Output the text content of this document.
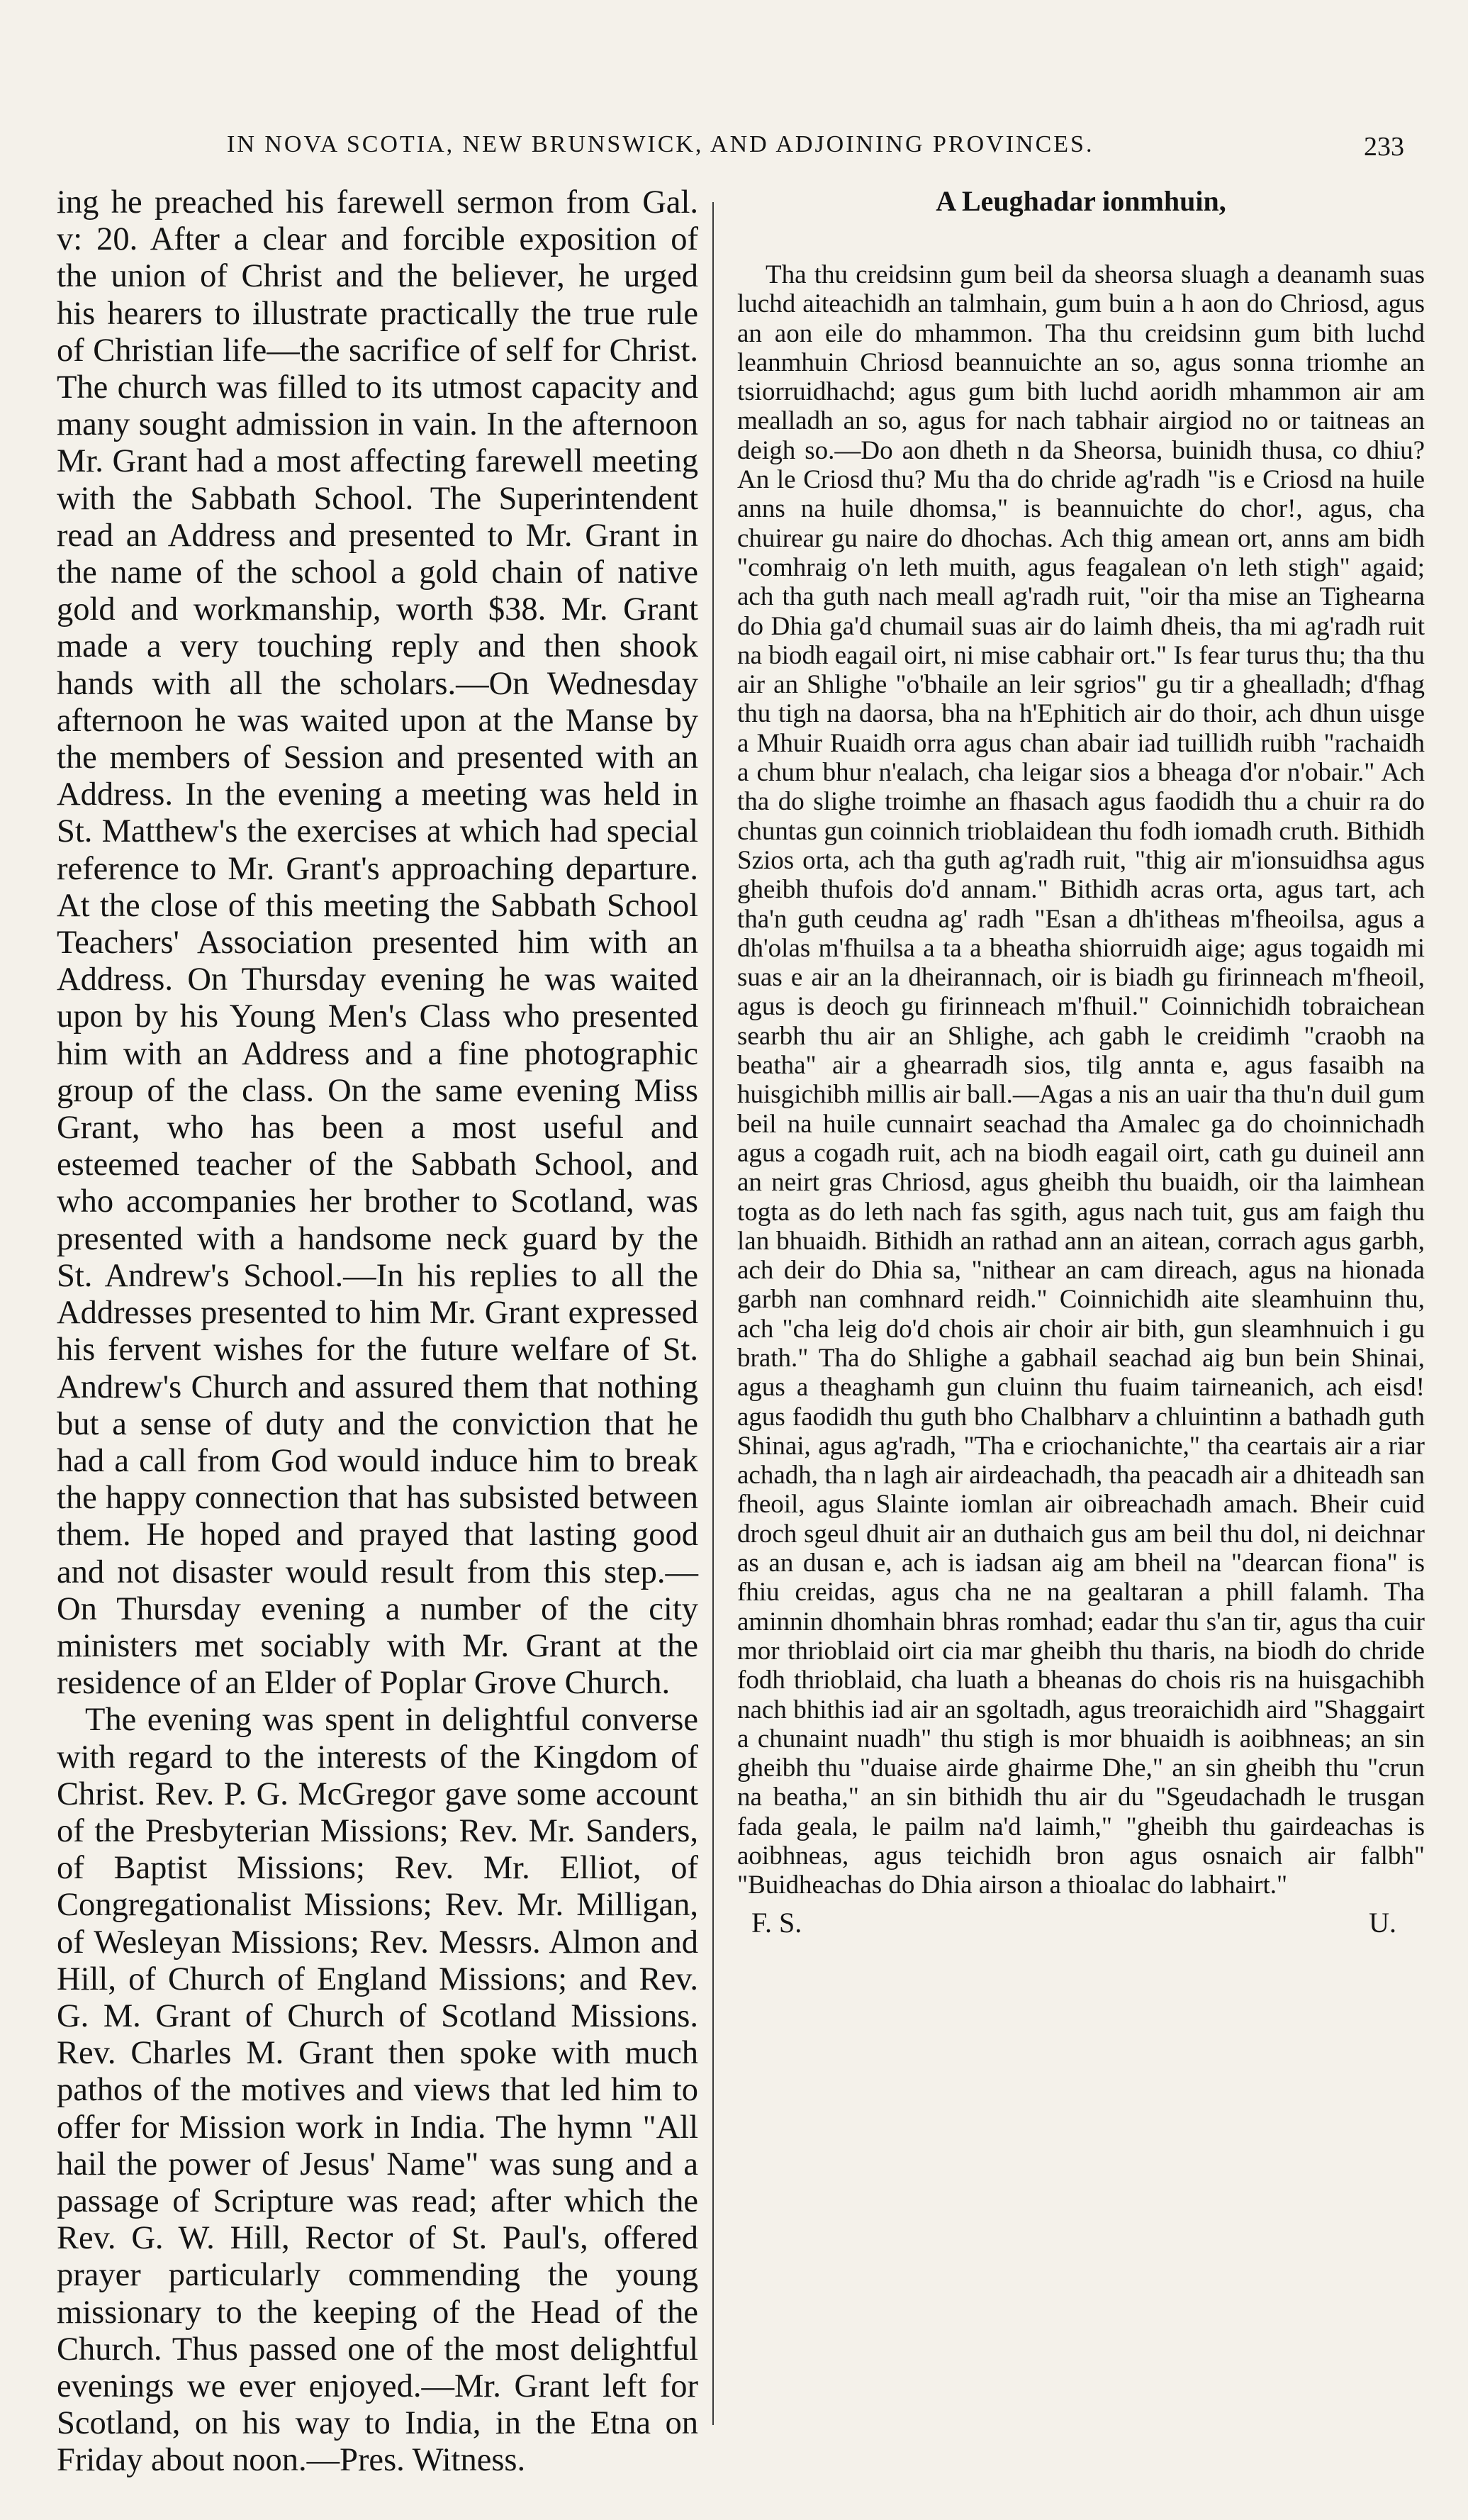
IN NOVA SCOTIA, NEW BRUNSWICK, AND ADJOINING PROVINCES.	233

ing he preached his farewell sermon from Gal. v: 20. After a clear and forcible exposition of the union of Christ and the believer, he urged his hearers to illustrate practically the true rule of Christian life—the sacrifice of self for Christ. The church was filled to its utmost capacity and many sought admission in vain. In the afternoon Mr. Grant had a most affecting farewell meeting with the Sabbath School. The Superintendent read an Address and presented to Mr. Grant in the name of the school a gold chain of native gold and workmanship, worth $38. Mr. Grant made a very touching reply and then shook hands with all the scholars.—On Wednesday afternoon he was waited upon at the Manse by the members of Session and presented with an Address. In the evening a meeting was held in St. Matthew's the exercises at which had special reference to Mr. Grant's approaching departure. At the close of this meeting the Sabbath School Teachers' Association presented him with an Address. On Thursday evening he was waited upon by his Young Men's Class who presented him with an Address and a fine photographic group of the class. On the same evening Miss Grant, who has been a most useful and esteemed teacher of the Sabbath School, and who accompanies her brother to Scotland, was presented with a handsome neck guard by the St. Andrew's School.—In his replies to all the Addresses presented to him Mr. Grant expressed his fervent wishes for the future welfare of St. Andrew's Church and assured them that nothing but a sense of duty and the conviction that he had a call from God would induce him to break the happy connection that has subsisted between them. He hoped and prayed that lasting good and not disaster would result from this step.—On Thursday evening a number of the city ministers met sociably with Mr. Grant at the residence of an Elder of Poplar Grove Church.

The evening was spent in delightful converse with regard to the interests of the Kingdom of Christ. Rev. P. G. McGregor gave some account of the Presbyterian Missions; Rev. Mr. Sanders, of Baptist Missions; Rev. Mr. Elliot, of Congregationalist Missions; Rev. Mr. Milligan, of Wesleyan Missions; Rev. Messrs. Almon and Hill, of Church of England Missions; and Rev. G. M. Grant of Church of Scotland Missions. Rev. Charles M. Grant then spoke with much pathos of the motives and views that led him to offer for Mission work in India. The hymn "All hail the power of Jesus' Name" was sung and a passage of Scripture was read; after which the Rev. G. W. Hill, Rector of St. Paul's, offered prayer particularly commending the young missionary to the keeping of the Head of the Church. Thus passed one of the most delightful evenings we ever enjoyed.—Mr. Grant left for Scotland, on his way to India, in the Etna on Friday about noon.—Pres. Witness.

A Leughadar ionmhuin,

Tha thu creidsinn gum beil da sheorsa sluagh a deanamh suas luchd aiteachidh an talmhain, gum buin a h aon do Chriosd, agus an aon eile do mhammon. Tha thu creidsinn gum bith luchd leanmhuin Chriosd beannuichte an so, agus sonna triomhe an tsiorruidhachd; agus gum bith luchd aoridh mhammon air am mealladh an so, agus for nach tabhair airgiod no or taitneas an deigh so.—Do aon dheth n da Sheorsa, buinidh thusa, co dhiu? An le Criosd thu? Mu tha do chride ag'radh "is e Criosd na huile anns na huile dhomsa," is beannuichte do chor!, agus, cha chuirear gu naire do dhochas. Ach thig amean ort, anns am bidh "comhraig o'n leth muith, agus feagalean o'n leth stigh" agaid; ach tha guth nach meall ag'radh ruit, "oir tha mise an Tighearna do Dhia ga'd chumail suas air do laimh dheis, tha mi ag'radh ruit na biodh eagail oirt, ni mise cabhair ort." Is fear turus thu; tha thu air an Shlighe "o'bhaile an leir sgrios" gu tir a ghealladh; d'fhag thu tigh na daorsa, bha na h'Ephitich air do thoir, ach dhun uisge a Mhuir Ruaidh orra agus chan abair iad tuillidh ruibh "rachaidh a chum bhur n'ealach, cha leigar sios a bheaga d'or n'obair." Ach tha do slighe troimhe an fhasach agus faodidh thu a chuir ra do chuntas gun coinnich trioblaidean thu fodh iomadh cruth. Bithidh Szios orta, ach tha guth ag'radh ruit, "thig air m'ionsuidhsa agus gheibh thufois do'd annam." Bithidh acras orta, agus tart, ach tha'n guth ceudna ag' radh "Esan a dh'itheas m'fheoilsa, agus a dh'olas m'fhuilsa a ta a bheatha shiorruidh aige; agus togaidh mi suas e air an la dheirannach, oir is biadh gu firinneach m'fheoil, agus is deoch gu firinneach m'fhuil." Coinnichidh tobraichean searbh thu air an Shlighe, ach gabh le creidimh "craobh na beatha" air a ghearradh sios, tilg annta e, agus fasaibh na huisgichibh millis air ball.—Agas a nis an uair tha thu'n duil gum beil na huile cunnairt seachad tha Amalec ga do choinnichadh agus a cogadh ruit, ach na biodh eagail oirt, cath gu duineil ann an neirt gras Chriosd, agus gheibh thu buaidh, oir tha laimhean togta as do leth nach fas sgith, agus nach tuit, gus am faigh thu lan bhuaidh. Bithidh an rathad ann an aitean, corrach agus garbh, ach deir do Dhia sa, "nithear an cam direach, agus na hionada garbh nan comhnard reidh." Coinnichidh aite sleamhuinn thu, ach "cha leig do'd chois air choir air bith, gun sleamhnuich i gu brath." Tha do Shlighe a gabhail seachad aig bun bein Shinai, agus a theaghamh gun cluinn thu fuaim tairneanich, ach eisd! agus faodidh thu guth bho Chalbharv a chluintinn a bathadh guth Shinai, agus ag'radh, "Tha e criochanichte," tha ceartais air a riar achadh, tha n lagh air airdeachadh, tha peacadh air a dhiteadh san fheoil, agus Slainte iomlan air oibreachadh amach. Bheir cuid droch sgeul dhuit air an duthaich gus am beil thu dol, ni deichnar as an dusan e, ach is iadsan aig am bheil na "dearcan fiona" is fhiu creidas, agus cha ne na gealtaran a phill falamh. Tha aminnin dhomhain bhras romhad; eadar thu s'an tir, agus tha cuir mor thrioblaid oirt cia mar gheibh thu tharis, na biodh do chride fodh thrioblaid, cha luath a bheanas do chois ris na huisgachibh nach bhithis iad air an sgoltadh, agus treoraichidh aird "Shaggairt a chunaint nuadh" thu stigh is mor bhuaidh is aoibhneas; an sin gheibh thu "duaise airde ghairme Dhe," an sin gheibh thu "crun na beatha," an sin bithidh thu air du "Sgeudachadh le trusgan fada geala, le pailm na'd laimh," "gheibh thu gairdeachas is aoibhneas, agus teichidh bron agus osnaich air falbh" "Buidheachas do Dhia airson a thioalac do labhairt."

F. S.	U.
